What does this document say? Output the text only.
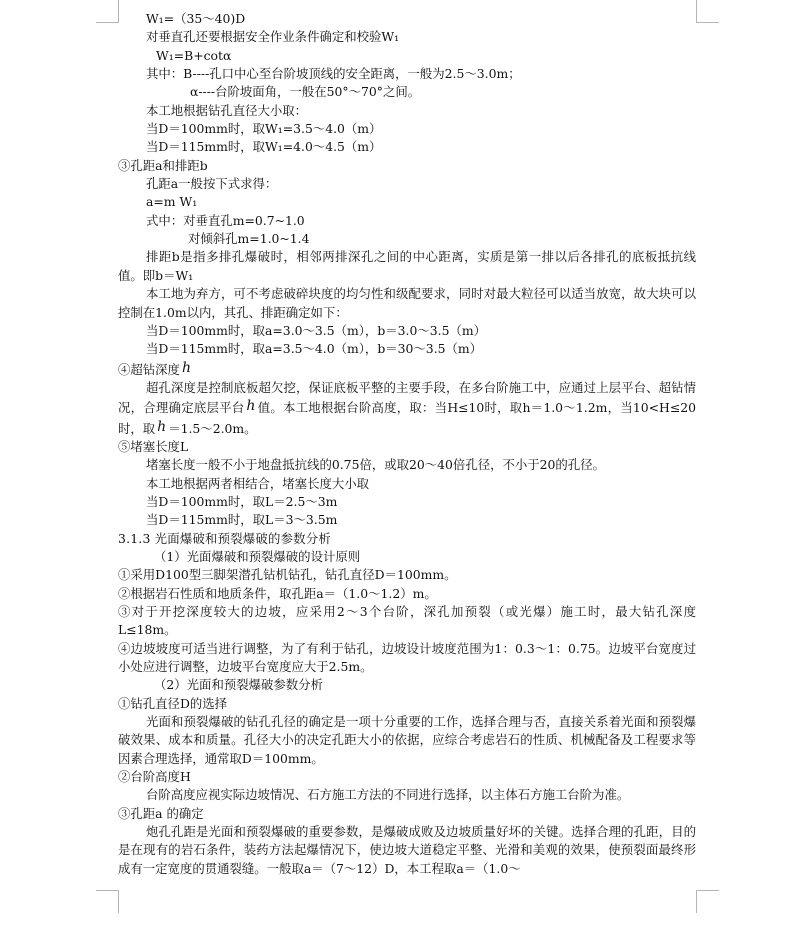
W₁=（35～40)D
对垂直孔还要根据安全作业条件确定和校验W₁
W₁=B+cotα
其中：B----孔口中心至台阶坡顶线的安全距离，一般为2.5～3.0m；
α----台阶坡面角，一般在50°～70°之间。
本工地根据钻孔直径大小取：
当D＝100mm时，取W₁=3.5～4.0（m）
当D＝115mm时，取W₁=4.0～4.5（m）
③孔距a和排距b
孔距a一般按下式求得：
a=m W₁
式中：对垂直孔m=0.7~1.0
对倾斜孔m=1.0~1.4
排距b是指多排孔爆破时，相邻两排深孔之间的中心距离，实质是第一排以后各排孔的底板抵抗线值。即b＝W₁
本工地为弃方，可不考虑破碎块度的均匀性和级配要求，同时对最大粒径可以适当放宽，故大块可以控制在1.0m以内，其孔、排距确定如下：
当D＝100mm时，取a=3.0～3.5（m），b＝3.0～3.5（m）
当D＝115mm时，取a=3.5～4.0（m），b＝30～3.5（m）
④超钻深度 h
超孔深度是控制底板超欠挖，保证底板平整的主要手段，在多台阶施工中，应通过上层平台、超钻情况，合理确定底层平台 h 值。本工地根据台阶高度，取：当H≤10时，取h＝1.0～1.2m，当10<H≤20时，取 h ＝1.5～2.0m。
⑤堵塞长度L
堵塞长度一般不小于地盘抵抗线的0.75倍，或取20～40倍孔径，不小于20的孔径。
本工地根据两者相结合，堵塞长度大小取
当D＝100mm时，取L＝2.5～3m
当D＝115mm时，取L＝3～3.5m
3.1.3 光面爆破和预裂爆破的参数分析
（1）光面爆破和预裂爆破的设计原则
①采用D100型三脚架潜孔钻机钻孔，钻孔直径D＝100mm。
②根据岩石性质和地质条件，取孔距a＝（1.0～1.2）m。
③对于开挖深度较大的边坡，应采用2～3个台阶，深孔加预裂（或光爆）施工时，最大钻孔深度L≤18m。
④边坡坡度可适当进行调整，为了有利于钻孔，边坡设计坡度范围为1：0.3～1：0.75。边坡平台宽度过小处应进行调整，边坡平台宽度应大于2.5m。
（2）光面和预裂爆破参数分析
①钻孔直径D的选择
光面和预裂爆破的钻孔孔径的确定是一项十分重要的工作，选择合理与否，直接关系着光面和预裂爆破效果、成本和质量。孔径大小的决定孔距大小的依据，应综合考虑岩石的性质、机械配备及工程要求等因素合理选择，通常取D＝100mm。
②台阶高度H
台阶高度应视实际边坡情况、石方施工方法的不同进行选择，以主体石方施工台阶为准。
③孔距a 的确定
炮孔孔距是光面和预裂爆破的重要参数，是爆破成败及边坡质量好坏的关键。选择合理的孔距，目的是在现有的岩石条件，装药方法起爆情况下，使边坡大道稳定平整、光滑和美观的效果，使预裂面最终形成有一定宽度的贯通裂缝。一般取a＝（7～12）D，本工程取a＝（1.0～
